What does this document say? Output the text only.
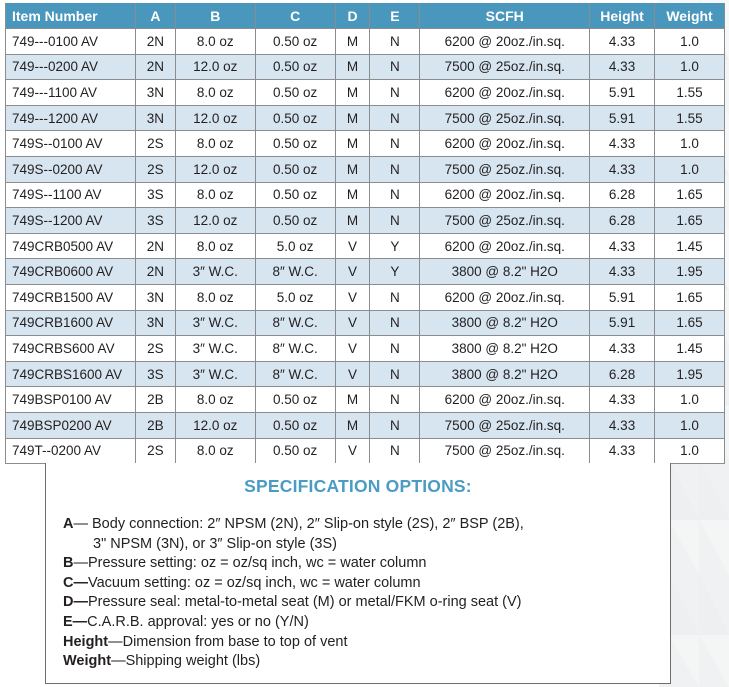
Item Number	A	B	C	D	E	SCFH	Height	Weight
749---0100 AV	2N	8.0 oz	0.50 oz	M	N	6200 @ 20oz./in.sq.	4.33	1.0
749---0200 AV	2N	12.0 oz	0.50 oz	M	N	7500 @ 25oz./in.sq.	4.33	1.0
749---1100 AV	3N	8.0 oz	0.50 oz	M	N	6200 @ 20oz./in.sq.	5.91	1.55
749---1200 AV	3N	12.0 oz	0.50 oz	M	N	7500 @ 25oz./in.sq.	5.91	1.55
749S--0100 AV	2S	8.0 oz	0.50 oz	M	N	6200 @ 20oz./in.sq.	4.33	1.0
749S--0200 AV	2S	12.0 oz	0.50 oz	M	N	7500 @ 25oz./in.sq.	4.33	1.0
749S--1100 AV	3S	8.0 oz	0.50 oz	M	N	6200 @ 20oz./in.sq.	6.28	1.65
749S--1200 AV	3S	12.0 oz	0.50 oz	M	N	7500 @ 25oz./in.sq.	6.28	1.65
749CRB0500 AV	2N	8.0 oz	5.0 oz	V	Y	6200 @ 20oz./in.sq.	4.33	1.45
749CRB0600 AV	2N	3″ W.C.	8″ W.C.	V	Y	3800 @ 8.2" H2O	4.33	1.95
749CRB1500 AV	3N	8.0 oz	5.0 oz	V	N	6200 @ 20oz./in.sq.	5.91	1.65
749CRB1600 AV	3N	3″ W.C.	8″ W.C.	V	N	3800 @ 8.2" H2O	5.91	1.65
749CRBS600 AV	2S	3″ W.C.	8″ W.C.	V	N	3800 @ 8.2" H2O	4.33	1.45
749CRBS1600 AV	3S	3″ W.C.	8″ W.C.	V	N	3800 @ 8.2" H2O	6.28	1.95
749BSP0100 AV	2B	8.0 oz	0.50 oz	M	N	6200 @ 20oz./in.sq.	4.33	1.0
749BSP0200 AV	2B	12.0 oz	0.50 oz	M	N	7500 @ 25oz./in.sq.	4.33	1.0
749T--0200 AV	2S	8.0 oz	0.50 oz	V	N	7500 @ 25oz./in.sq.	4.33	1.0
SPECIFICATION OPTIONS:
A— Body connection: 2″ NPSM (2N), 2″ Slip-on style (2S), 2″ BSP (2B),
3" NPSM (3N), or 3″ Slip-on style (3S)
B—Pressure setting: oz = oz/sq inch, wc = water column
C—Vacuum setting: oz = oz/sq inch, wc = water column
D—Pressure seal: metal-to-metal seat (M) or metal/FKM o-ring seat (V)
E—C.A.R.B. approval: yes or no (Y/N)
Height—Dimension from base to top of vent
Weight—Shipping weight (lbs)
